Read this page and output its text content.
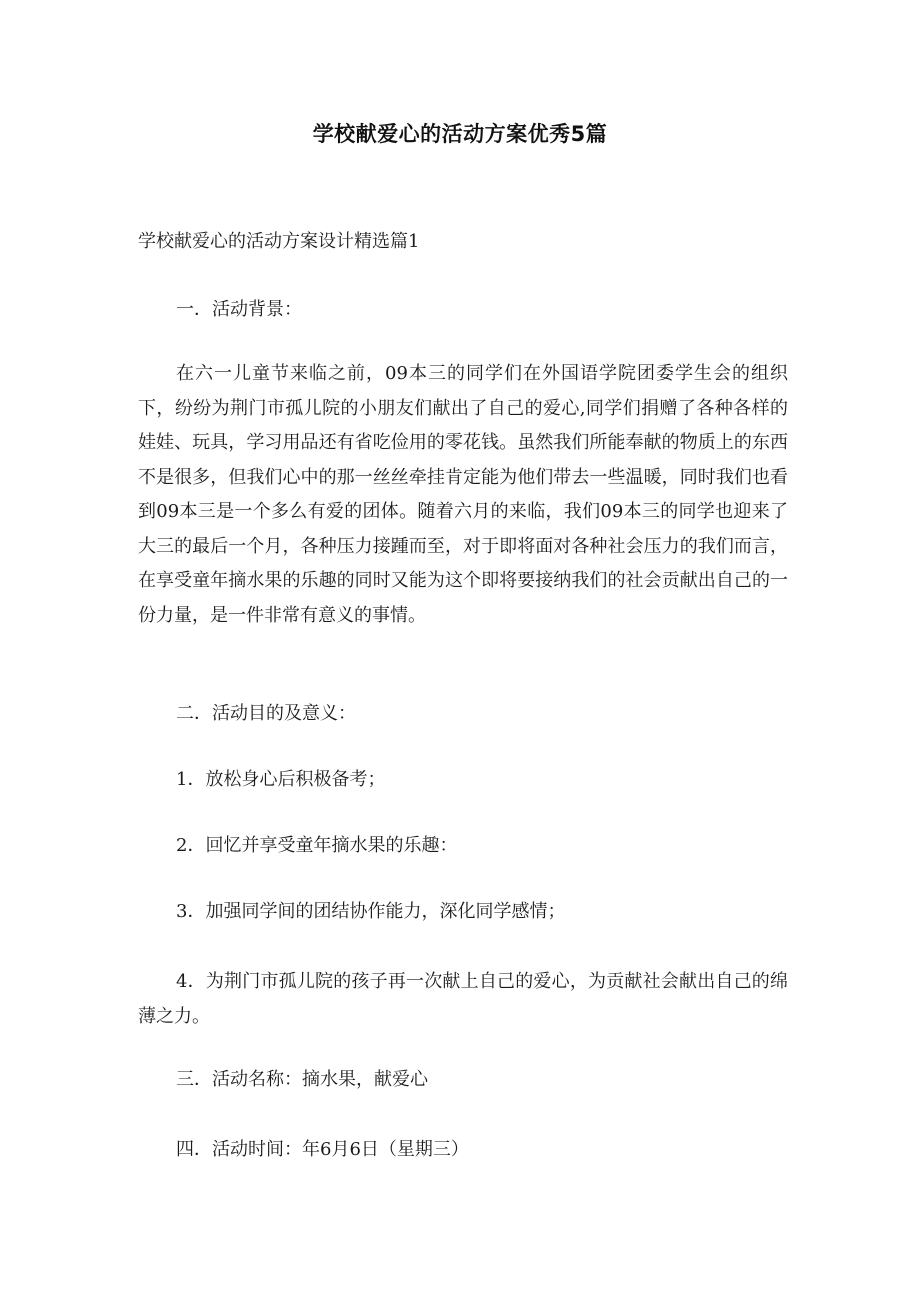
学校献爱心的活动方案优秀5篇
学校献爱心的活动方案设计精选篇1
一．活动背景：

在六一儿童节来临之前，09本三的同学们在外国语学院团委学生会的组织下，纷纷为荆门市孤儿院的小朋友们献出了自己的爱心,同学们捐赠了各种各样的娃娃、玩具，学习用品还有省吃俭用的零花钱。虽然我们所能奉献的物质上的东西不是很多，但我们心中的那一丝丝牵挂肯定能为他们带去一些温暖，同时我们也看到09本三是一个多么有爱的团体。随着六月的来临，我们09本三的同学也迎来了大三的最后一个月，各种压力接踵而至，对于即将面对各种社会压力的我们而言，在享受童年摘水果的乐趣的同时又能为这个即将要接纳我们的社会贡献出自己的一份力量，是一件非常有意义的事情。

二．活动目的及意义：
1．放松身心后积极备考；
2．回忆并享受童年摘水果的乐趣：
3．加强同学间的团结协作能力，深化同学感情；

4．为荆门市孤儿院的孩子再一次献上自己的爱心，为贡献社会献出自己的绵薄之力。

三．活动名称：摘水果，献爱心
四．活动时间：年6月6日（星期三）
